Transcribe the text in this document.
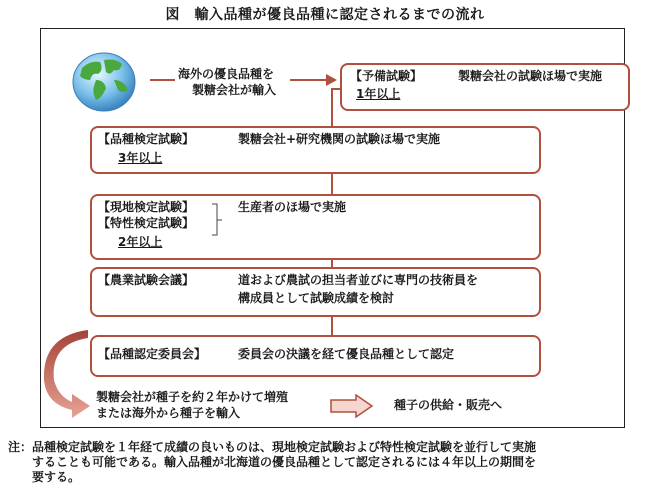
図　輸入品種が優良品種に認定されるまでの流れ
海外の優良品種を
製糖会社が輸入
【予備試験】	製糖会社の試験ほ場で実施
1年以上
【品種検定試験】	製糖会社+研究機関の試験ほ場で実施
3年以上
【現地検定試験】
【特性検定試験】
生産者のほ場で実施
2年以上
【農業試験会議】	道および農試の担当者並びに専門の技術員を
構成員として試験成績を検討
【品種認定委員会】	委員会の決議を経て優良品種として認定
製糖会社が種子を約２年かけて増殖
または海外から種子を輸入
種子の供給・販売へ
注：品種検定試験を１年経て成績の良いものは、現地検定試験および特性検定試験を並行して実施
することも可能である。輸入品種が北海道の優良品種として認定されるには４年以上の期間を
要する。
